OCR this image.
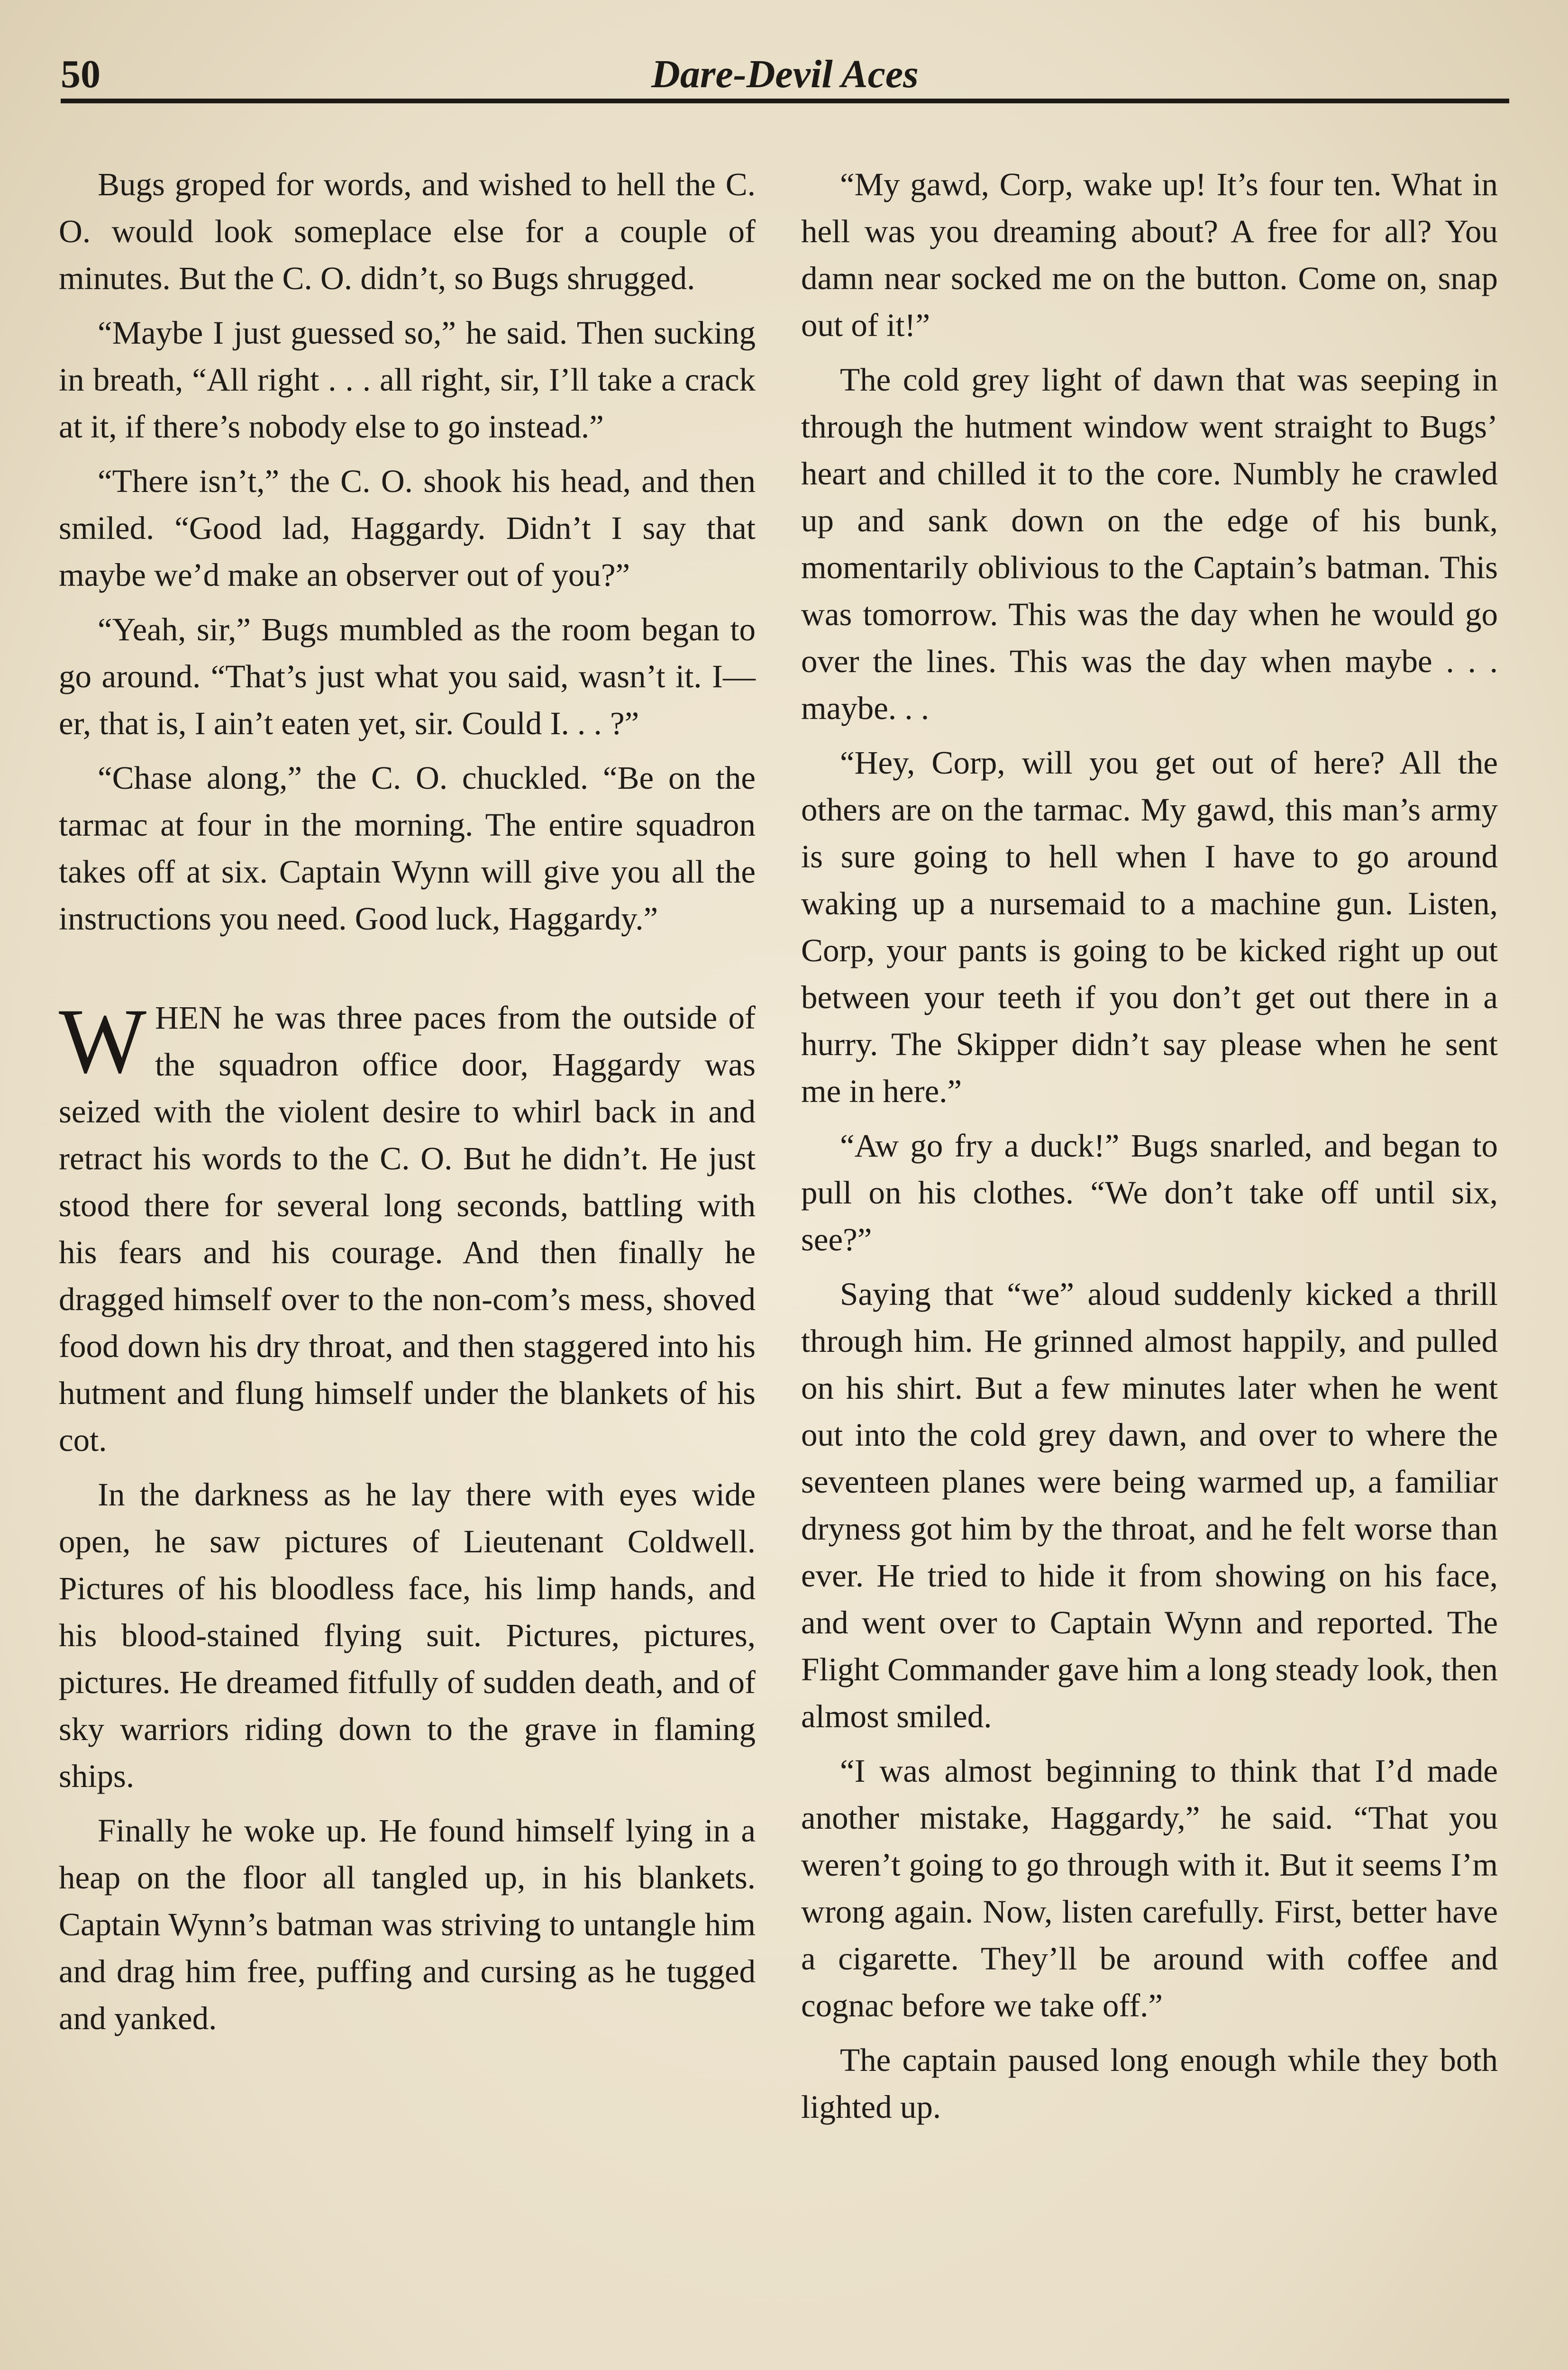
50	Dare-Devil Aces

Bugs groped for words, and wished to hell the C. O. would look someplace else for a couple of minutes. But the C. O. didn’t, so Bugs shrugged.

“Maybe I just guessed so,” he said. Then sucking in breath, “All right . . . all right, sir, I’ll take a crack at it, if there’s nobody else to go instead.”

“There isn’t,” the C. O. shook his head, and then smiled. “Good lad, Haggardy. Didn’t I say that maybe we’d make an observer out of you?”

“Yeah, sir,” Bugs mumbled as the room began to go around. “That’s just what you said, wasn’t it. I—er, that is, I ain’t eaten yet, sir. Could I. . . ?”

“Chase along,” the C. O. chuckled. “Be on the tarmac at four in the morning. The entire squadron takes off at six. Captain Wynn will give you all the instructions you need. Good luck, Haggardy.”

WHEN he was three paces from the outside of the squadron office door, Haggardy was seized with the violent desire to whirl back in and retract his words to the C. O. But he didn’t. He just stood there for several long seconds, battling with his fears and his courage. And then finally he dragged himself over to the non-com’s mess, shoved food down his dry throat, and then staggered into his hutment and flung himself under the blankets of his cot.

In the darkness as he lay there with eyes wide open, he saw pictures of Lieutenant Coldwell. Pictures of his bloodless face, his limp hands, and his blood-stained flying suit. Pictures, pictures, pictures. He dreamed fitfully of sudden death, and of sky warriors riding down to the grave in flaming ships.

Finally he woke up. He found himself lying in a heap on the floor all tangled up, in his blankets. Captain Wynn’s batman was striving to untangle him and drag him free, puffing and cursing as he tugged and yanked.

“My gawd, Corp, wake up! It’s four ten. What in hell was you dreaming about? A free for all? You damn near socked me on the button. Come on, snap out of it!”

The cold grey light of dawn that was seeping in through the hutment window went straight to Bugs’ heart and chilled it to the core. Numbly he crawled up and sank down on the edge of his bunk, momentarily oblivious to the Captain’s batman. This was tomorrow. This was the day when he would go over the lines. This was the day when maybe . . . maybe. . .

“Hey, Corp, will you get out of here? All the others are on the tarmac. My gawd, this man’s army is sure going to hell when I have to go around waking up a nursemaid to a machine gun. Listen, Corp, your pants is going to be kicked right up out between your teeth if you don’t get out there in a hurry. The Skipper didn’t say please when he sent me in here.”

“Aw go fry a duck!” Bugs snarled, and began to pull on his clothes. “We don’t take off until six, see?”

Saying that “we” aloud suddenly kicked a thrill through him. He grinned almost happily, and pulled on his shirt. But a few minutes later when he went out into the cold grey dawn, and over to where the seventeen planes were being warmed up, a familiar dryness got him by the throat, and he felt worse than ever. He tried to hide it from showing on his face, and went over to Captain Wynn and reported. The Flight Commander gave him a long steady look, then almost smiled.

“I was almost beginning to think that I’d made another mistake, Haggardy,” he said. “That you weren’t going to go through with it. But it seems I’m wrong again. Now, listen carefully. First, better have a cigarette. They’ll be around with coffee and cognac before we take off.”

The captain paused long enough while they both lighted up.
